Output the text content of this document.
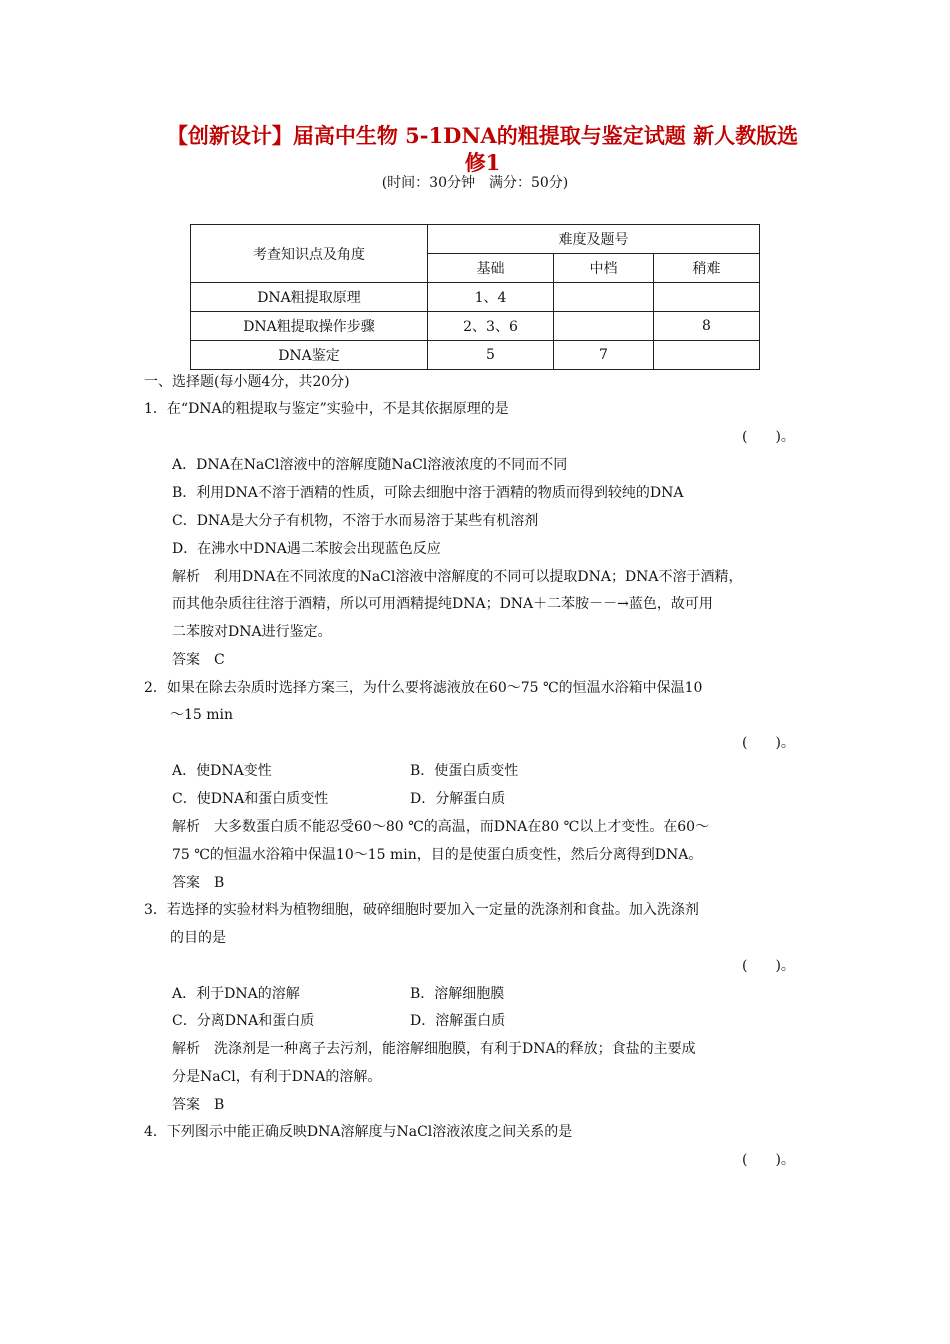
【创新设计】届高中生物 5-1DNA的粗提取与鉴定试题 新人教版选
修1
(时间：30分钟　满分：50分)
考查知识点及角度	难度及题号		
	基础	中档	稍难
DNA粗提取原理	1、4		
DNA粗提取操作步骤	2、3、6		8
DNA鉴定	5	7	
一、选择题(每小题4分，共20分)
1．在“DNA的粗提取与鉴定”实验中，不是其依据原理的是
(　　)。
A．DNA在NaCl溶液中的溶解度随NaCl溶液浓度的不同而不同
B．利用DNA不溶于酒精的性质，可除去细胞中溶于酒精的物质而得到较纯的DNA
C．DNA是大分子有机物，不溶于水而易溶于某些有机溶剂
D．在沸水中DNA遇二苯胺会出现蓝色反应
解析　利用DNA在不同浓度的NaCl溶液中溶解度的不同可以提取DNA；DNA不溶于酒精，
而其他杂质往往溶于酒精，所以可用酒精提纯DNA；DNA＋二苯胺－－→蓝色，故可用
二苯胺对DNA进行鉴定。
答案　C
2．如果在除去杂质时选择方案三，为什么要将滤液放在60～75 ℃的恒温水浴箱中保温10
～15 min
(　　)。
A．使DNA变性	B．使蛋白质变性
C．使DNA和蛋白质变性	D．分解蛋白质
解析　大多数蛋白质不能忍受60～80 ℃的高温，而DNA在80 ℃以上才变性。在60～
75 ℃的恒温水浴箱中保温10～15 min，目的是使蛋白质变性，然后分离得到DNA。
答案　B
3．若选择的实验材料为植物细胞，破碎细胞时要加入一定量的洗涤剂和食盐。加入洗涤剂
的目的是
(　　)。
A．利于DNA的溶解	B．溶解细胞膜
C．分离DNA和蛋白质	D．溶解蛋白质
解析　洗涤剂是一种离子去污剂，能溶解细胞膜，有利于DNA的释放；食盐的主要成
分是NaCl，有利于DNA的溶解。
答案　B
4．下列图示中能正确反映DNA溶解度与NaCl溶液浓度之间关系的是
(　　)。
